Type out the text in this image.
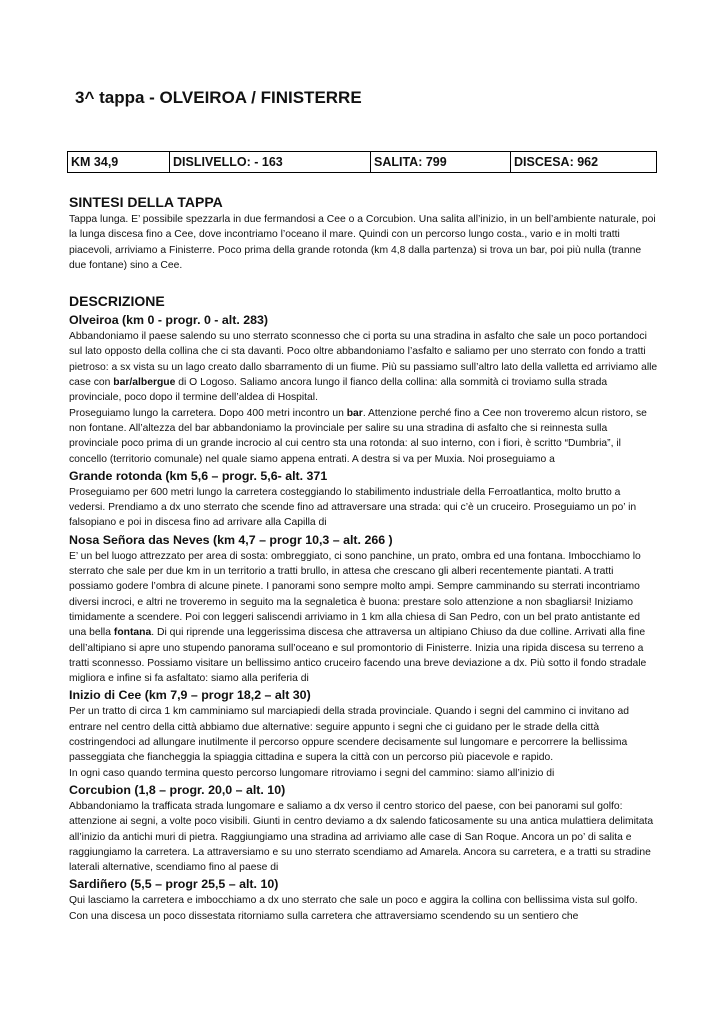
3^ tappa - OLVEIROA / FINISTERRE
KM 34,9	DISLIVELLO: - 163	SALITA: 799	DISCESA: 962
SINTESI DELLA TAPPA

Tappa lunga. E’ possibile spezzarla in due fermandosi a Cee o a Corcubion. Una salita all’inizio, in un bell’ambiente naturale, poi la lunga discesa fino a Cee, dove incontriamo l’oceano il mare. Quindi con un percorso lungo costa., vario e in molti tratti piacevoli, arriviamo a Finisterre. Poco prima della grande rotonda (km 4,8 dalla partenza) si trova un bar, poi più nulla (tranne due fontane) sino a Cee.

DESCRIZIONE
Olveiroa (km 0 - progr. 0 - alt. 283)

Abbandoniamo il paese salendo su uno sterrato sconnesso che ci porta su una stradina in asfalto che sale un poco portandoci sul lato opposto della collina che ci sta davanti. Poco oltre abbandoniamo l’asfalto e saliamo per uno sterrato con fondo a tratti pietroso: a sx vista su un lago creato dallo sbarramento di un fiume. Più su passiamo sull’altro lato della valletta ed arriviamo alle case con bar/albergue di O Logoso. Saliamo ancora lungo il fianco della collina: alla sommità ci troviamo sulla strada provinciale, poco dopo il termine dell’aldea di Hospital.
Proseguiamo lungo la carretera. Dopo 400 metri incontro un bar. Attenzione perché fino a Cee non troveremo alcun ristoro, se non fontane. All’altezza del bar abbandoniamo la provinciale per salire su una stradina di asfalto che si reinnesta sulla provinciale poco prima di un grande incrocio al cui centro sta una rotonda: al suo interno, con i fiori, è scritto “Dumbria”, il concello (territorio comunale) nel quale siamo appena entrati. A destra si va per Muxia. Noi proseguiamo a

Grande rotonda (km 5,6 – progr. 5,6- alt. 371

Proseguiamo per 600 metri lungo la carretera costeggiando lo stabilimento industriale della Ferroatlantica, molto brutto a vedersi. Prendiamo a dx uno sterrato che scende fino ad attraversare una strada: qui c’è un cruceiro. Proseguiamo un po’ in falsopiano e poi in discesa fino ad arrivare alla Capilla di

Nosa Señora das Neves (km 4,7 – progr 10,3 – alt. 266 )

E’ un bel luogo attrezzato per area di sosta: ombreggiato, ci sono panchine, un prato, ombra ed una fontana. Imbocchiamo lo sterrato che sale per due km in un territorio a tratti brullo, in attesa che crescano gli alberi recentemente piantati. A tratti possiamo godere l’ombra di alcune pinete. I panorami sono sempre molto ampi. Sempre camminando su sterrati incontriamo diversi incroci, e altri ne troveremo in seguito ma la segnaletica è buona: prestare solo attenzione a non sbagliarsi! Iniziamo timidamente a scendere. Poi con leggeri saliscendi arriviamo in 1 km alla chiesa di San Pedro, con un bel prato antistante ed una bella fontana. Di qui riprende una leggerissima discesa che attraversa un altipiano Chiuso da due colline. Arrivati alla fine dell’altipiano si apre uno stupendo panorama sull’oceano e sul promontorio di Finisterre. Inizia una ripida discesa su terreno a tratti sconnesso. Possiamo visitare un bellissimo antico cruceiro facendo una breve deviazione a dx. Più sotto il fondo stradale migliora e infine si fa asfaltato: siamo alla periferia di

Inizio di Cee (km 7,9 – progr 18,2 – alt 30)

Per un tratto di circa 1 km camminiamo sul marciapiedi della strada provinciale. Quando i segni del cammino ci invitano ad entrare nel centro della città abbiamo due alternative: seguire appunto i segni che ci guidano per le strade della città costringendoci ad allungare inutilmente il percorso oppure scendere decisamente sul lungomare e percorrere la bellissima passeggiata che fiancheggia la spiaggia cittadina e supera la città con un percorso più piacevole e rapido.
In ogni caso quando termina questo percorso lungomare ritroviamo i segni del cammino: siamo all’inizio di

Corcubion (1,8 – progr. 20,0 – alt. 10)

Abbandoniamo la trafficata strada lungomare e saliamo a dx verso il centro storico del paese, con bei panorami sul golfo: attenzione ai segni, a volte poco visibili. Giunti in centro deviamo a dx salendo faticosamente su una antica mulattiera delimitata all’inizio da antichi muri di pietra. Raggiungiamo una stradina ad arriviamo alle case di San Roque. Ancora un po’ di salita e raggiungiamo la carretera. La attraversiamo e su uno sterrato scendiamo ad Amarela. Ancora su carretera, e a tratti su stradine laterali alternative, scendiamo fino al paese di

Sardiñero (5,5 – progr 25,5 – alt. 10)

Qui lasciamo la carretera e imbocchiamo a dx uno sterrato che sale un poco e aggira la collina con bellissima vista sul golfo. Con una discesa un poco dissestata ritorniamo sulla carretera che attraversiamo scendendo su un sentiero che
